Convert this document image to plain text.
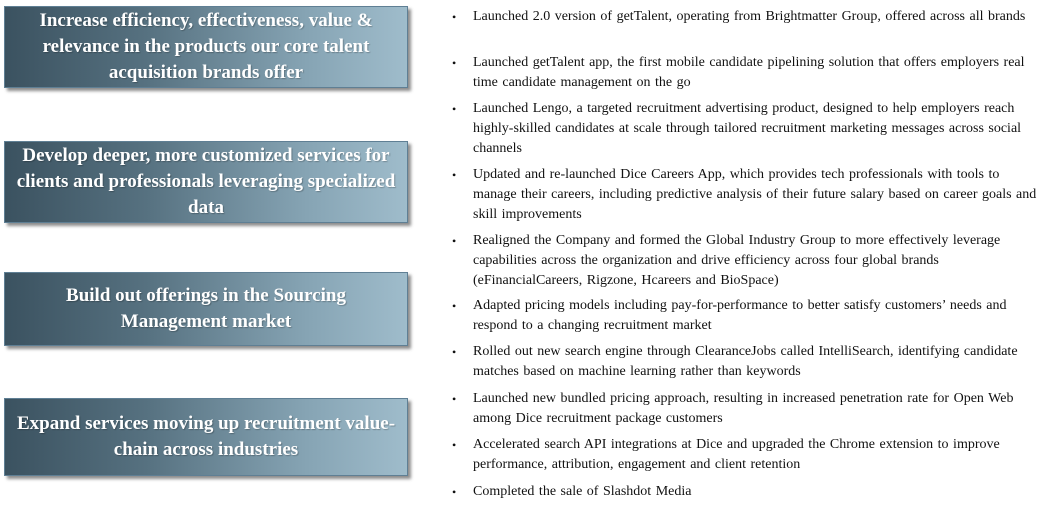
Increase efficiency, effectiveness, value & relevance in the products our core talent acquisition brands offer
Develop deeper, more customized services for clients and professionals leveraging specialized data
Build out offerings in the Sourcing Management market
Expand services moving up recruitment value-chain across industries
•	Launched 2.0 version of getTalent, operating from Brightmatter Group, offered across all brands
•	Launched getTalent app, the first mobile candidate pipelining solution that offers employers real time candidate management on the go
•	Launched Lengo, a targeted recruitment advertising product, designed to help employers reach highly-skilled candidates at scale through tailored recruitment marketing messages across social channels
•	Updated and re-launched Dice Careers App, which provides tech professionals with tools to manage their careers, including predictive analysis of their future salary based on career goals and skill improvements
•	Realigned the Company and formed the Global Industry Group to more effectively leverage capabilities across the organization and drive efficiency across four global brands (eFinancialCareers, Rigzone, Hcareers and BioSpace)
•	Adapted pricing models including pay-for-performance to better satisfy customers’ needs and respond to a changing recruitment market
•	Rolled out new search engine through ClearanceJobs called IntelliSearch, identifying candidate matches based on machine learning rather than keywords
•	Launched new bundled pricing approach, resulting in increased penetration rate for Open Web among Dice recruitment package customers
•	Accelerated search API integrations at Dice and upgraded the Chrome extension to improve performance, attribution, engagement and client retention
•	Completed the sale of Slashdot Media
